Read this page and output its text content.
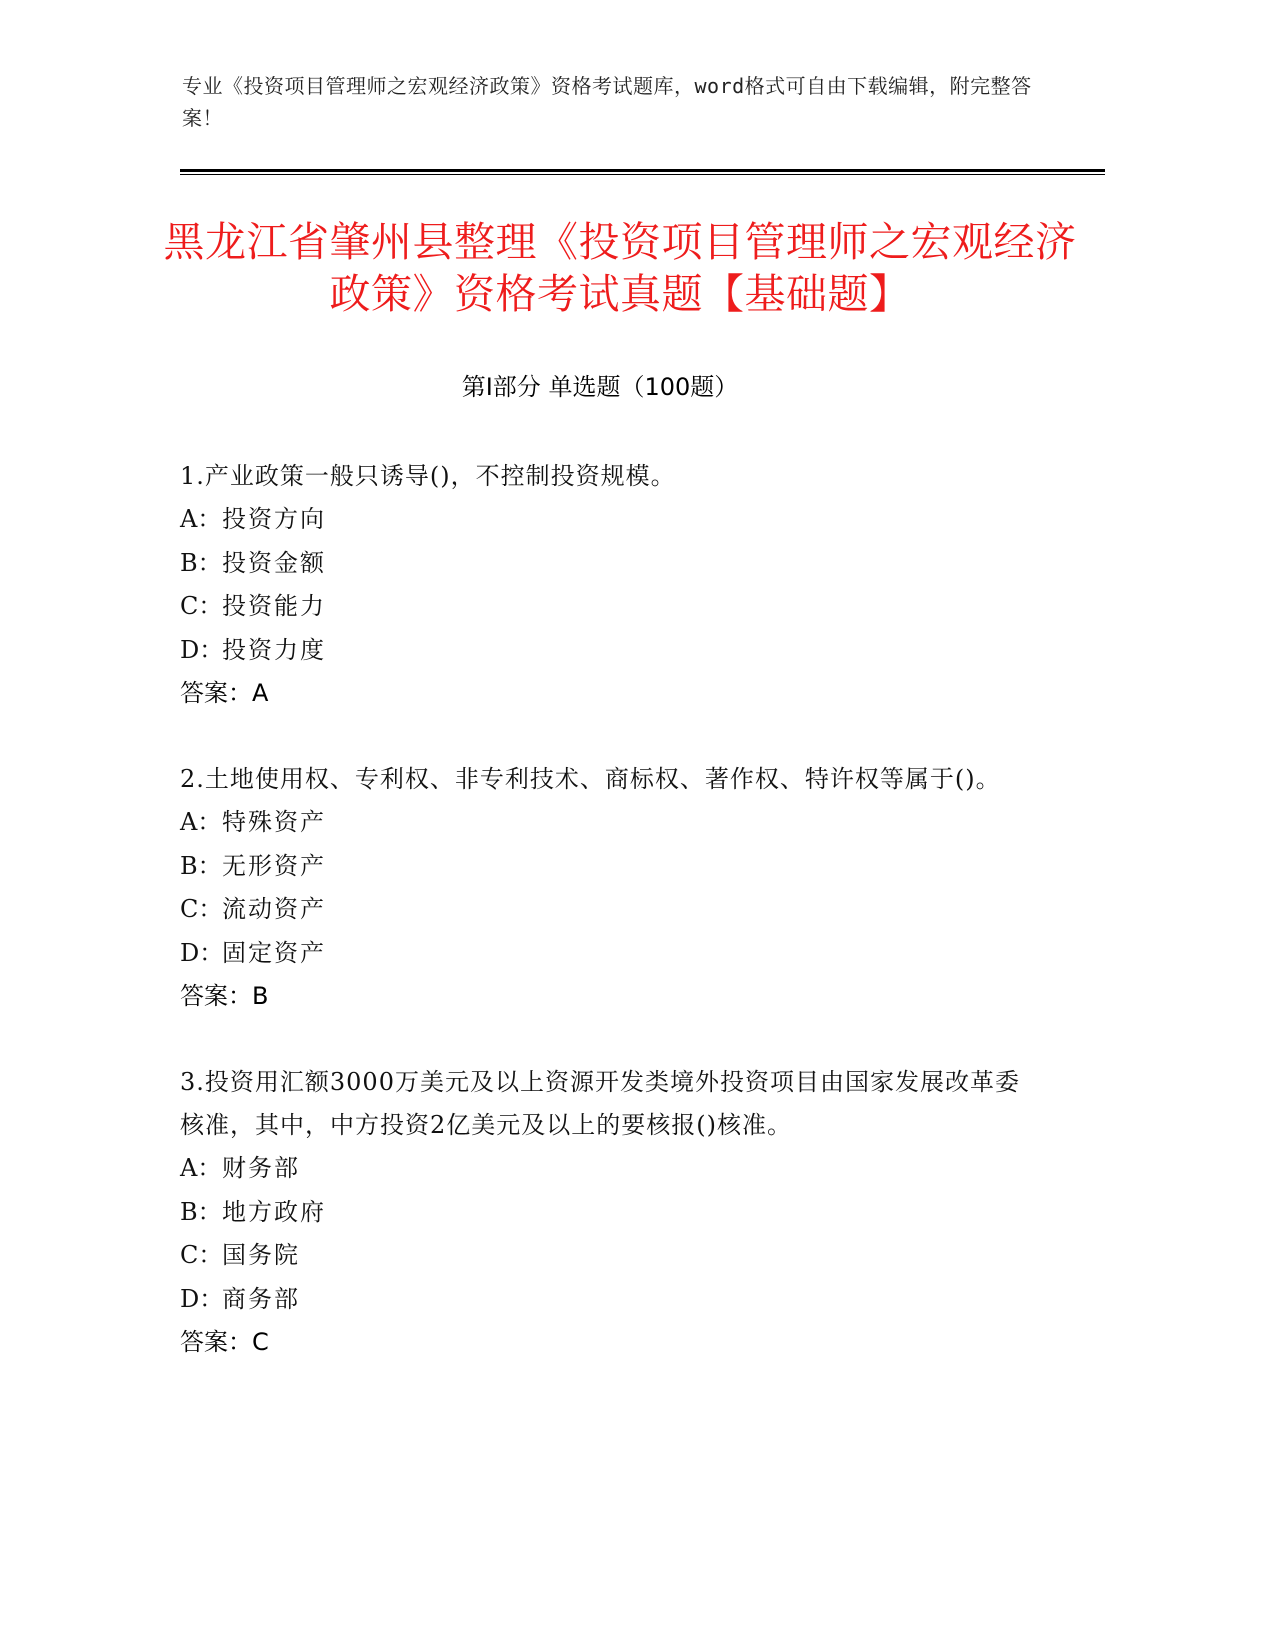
专业《投资项目管理师之宏观经济政策》资格考试题库，word格式可自由下载编辑，附完整答案！
黑龙江省肇州县整理《投资项目管理师之宏观经济政策》资格考试真题【基础题】
第Ⅰ部分 单选题（100题）
1.产业政策一般只诱导()，不控制投资规模。
A：投资方向
B：投资金额
C：投资能力
D：投资力度
答案：A
2.土地使用权、专利权、非专利技术、商标权、著作权、特许权等属于()。
A：特殊资产
B：无形资产
C：流动资产
D：固定资产
答案：B
3.投资用汇额3000万美元及以上资源开发类境外投资项目由国家发展改革委核准，其中，中方投资2亿美元及以上的要核报()核准。
A：财务部
B：地方政府
C：国务院
D：商务部
答案：C
